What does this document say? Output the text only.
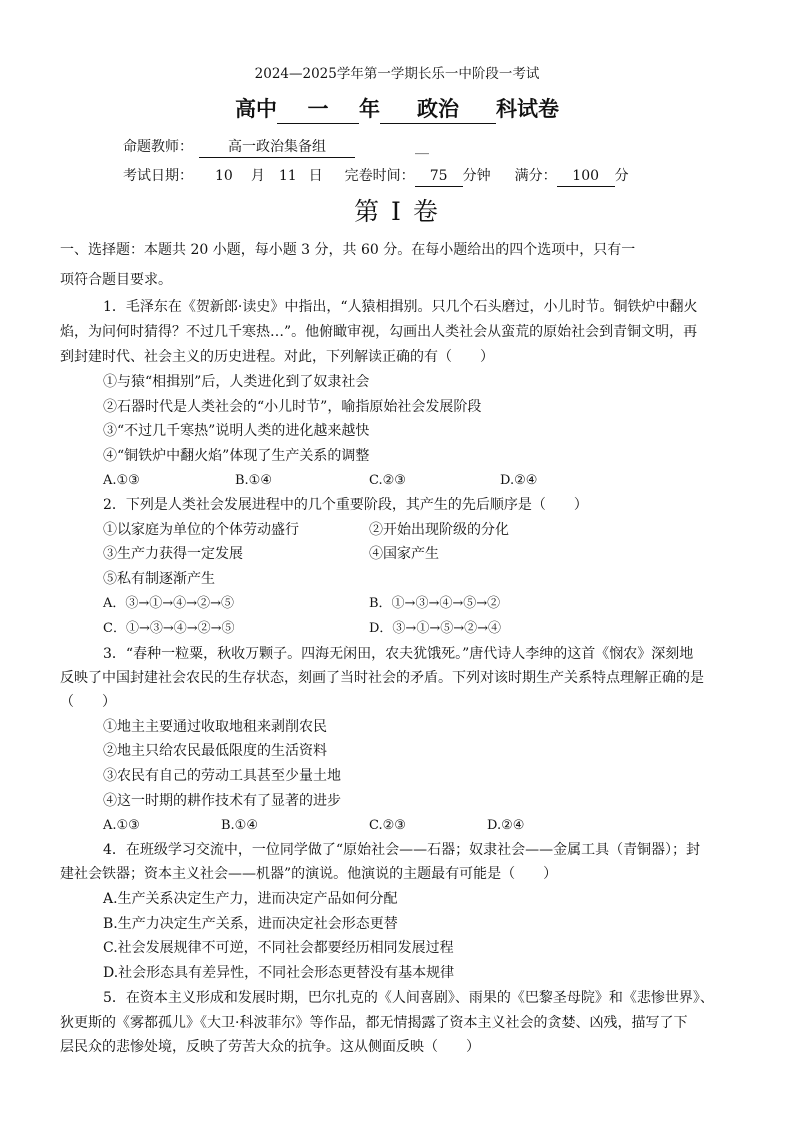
2024—2025学年第一学期长乐一中阶段一考试
高中 一 年 政治 科试卷
命题教师：	高一政治集备组	__
考试日期： 10 月 11 日 完卷时间： 75 分钟 满分： 100 分
第 I 卷
一、选择题：本题共 20 小题，每小题 3 分，共 60 分。在每小题给出的四个选项中，只有一
项符合题目要求。
1．毛泽东在《贺新郎·读史》中指出，“人猿相揖别。只几个石头磨过，小儿时节。铜铁炉中翻火
焰，为问何时猜得？不过几千寒热…”。他俯瞰审视，勾画出人类社会从蛮荒的原始社会到青铜文明，再
到封建时代、社会主义的历史进程。对此，下列解读正确的有（　　）
①与猿“相揖别”后，人类进化到了奴隶社会
②石器时代是人类社会的“小儿时节”，喻指原始社会发展阶段
③“不过几千寒热”说明人类的进化越来越快
④“铜铁炉中翻火焰”体现了生产关系的调整
A.①③	B.①④	C.②③	D.②④
2．下列是人类社会发展进程中的几个重要阶段，其产生的先后顺序是（　　）
①以家庭为单位的个体劳动盛行	②开始出现阶级的分化
③生产力获得一定发展	④国家产生
⑤私有制逐渐产生
A．③→①→④→②→⑤	B．①→③→④→⑤→②
C．①→③→④→②→⑤	D．③→①→⑤→②→④
3．“春种一粒粟，秋收万颗子。四海无闲田，农夫犹饿死。”唐代诗人李绅的这首《悯农》深刻地
反映了中国封建社会农民的生存状态，刻画了当时社会的矛盾。下列对该时期生产关系特点理解正确的是
（　　）
①地主主要通过收取地租来剥削农民
②地主只给农民最低限度的生活资料
③农民有自己的劳动工具甚至少量土地
④这一时期的耕作技术有了显著的进步
A.①③	B.①④	C.②③	D.②④
4．在班级学习交流中，一位同学做了“原始社会——石器；奴隶社会——金属工具（青铜器）；封
建社会铁器；资本主义社会——机器”的演说。他演说的主题最有可能是（　　）
A.生产关系决定生产力，进而决定产品如何分配
B.生产力决定生产关系，进而决定社会形态更替
C.社会发展规律不可逆，不同社会都要经历相同发展过程
D.社会形态具有差异性，不同社会形态更替没有基本规律
5．在资本主义形成和发展时期，巴尔扎克的《人间喜剧》、雨果的《巴黎圣母院》和《悲惨世界》、
狄更斯的《雾都孤儿》《大卫·科波菲尔》等作品，都无情揭露了资本主义社会的贪婪、凶残，描写了下
层民众的悲惨处境，反映了劳苦大众的抗争。这从侧面反映（　　）
